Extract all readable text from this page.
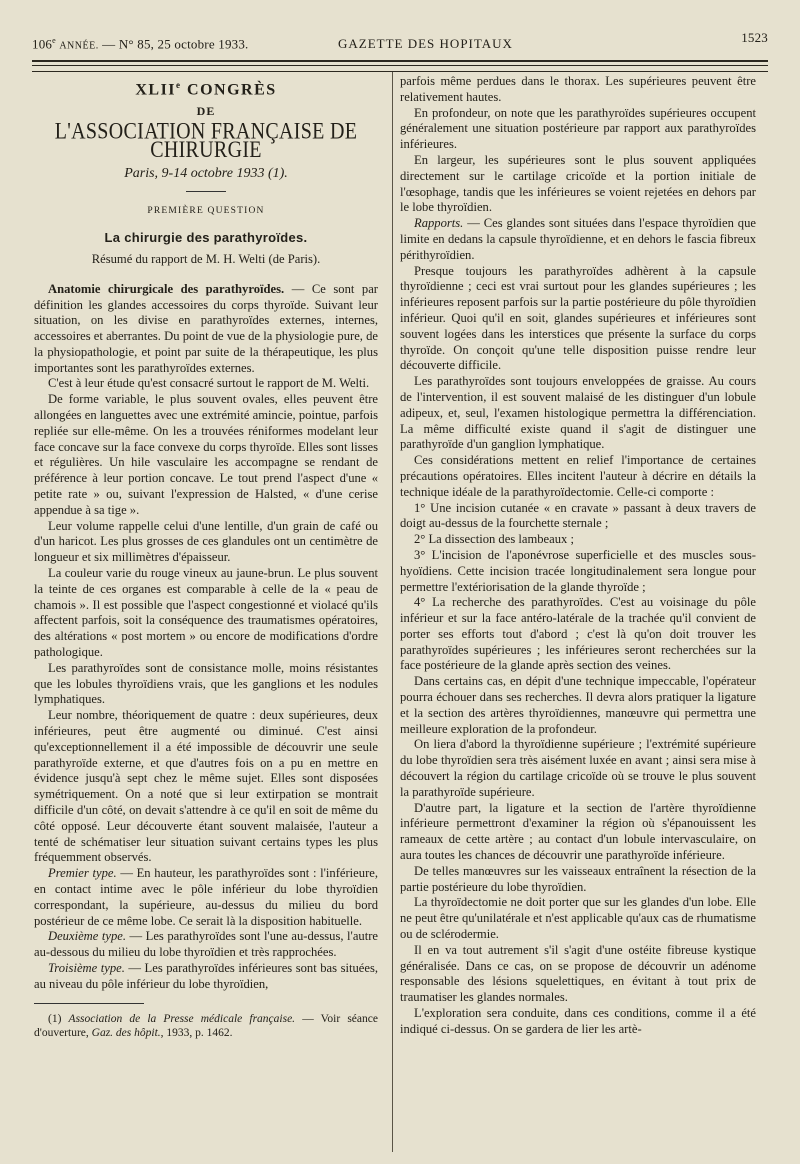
106e ANNÉE. — N° 85, 25 octobre 1933.	GAZETTE DES HOPITAUX	1523
XLIIe CONGRÈS
DE
L'ASSOCIATION FRANÇAISE DE CHIRURGIE
Paris, 9-14 octobre 1933 (1).
PREMIÈRE QUESTION
La chirurgie des parathyroïdes.
Résumé du rapport de M. H. Welti (de Paris).

Anatomie chirurgicale des parathyroïdes. — Ce sont par définition les glandes accessoires du corps thyroïde. Suivant leur situation, on les divise en parathyroïdes externes, internes, accessoires et aberrantes. Du point de vue de la physiologie pure, de la physiopathologie, et point par suite de la thérapeutique, les plus importantes sont les parathyroïdes externes.

C'est à leur étude qu'est consacré surtout le rapport de M. Welti.

De forme variable, le plus souvent ovales, elles peuvent être allongées en languettes avec une extrémité amincie, pointue, parfois repliée sur elle-même. On les a trouvées réniformes modelant leur face concave sur la face convexe du corps thyroïde. Elles sont lisses et régulières. Un hile vasculaire les accompagne se rendant de préférence à leur portion concave. Le tout prend l'aspect d'une « petite rate » ou, suivant l'expression de Halsted, « d'une cerise appendue à sa tige ».

Leur volume rappelle celui d'une lentille, d'un grain de café ou d'un haricot. Les plus grosses de ces glandules ont un centimètre de longueur et six millimètres d'épaisseur.

La couleur varie du rouge vineux au jaune-brun. Le plus souvent la teinte de ces organes est comparable à celle de la « peau de chamois ». Il est possible que l'aspect congestionné et violacé qu'ils affectent parfois, soit la conséquence des traumatismes opératoires, des altérations « post mortem » ou encore de modifications d'ordre pathologique.

Les parathyroïdes sont de consistance molle, moins résistantes que les lobules thyroïdiens vrais, que les ganglions et les nodules lymphatiques.

Leur nombre, théoriquement de quatre : deux supérieures, deux inférieures, peut être augmenté ou diminué. C'est ainsi qu'exceptionnellement il a été impossible de découvrir une seule parathyroïde externe, et que d'autres fois on a pu en mettre en évidence jusqu'à sept chez le même sujet. Elles sont disposées symétriquement. On a noté que si leur extirpation se montrait difficile d'un côté, on devait s'attendre à ce qu'il en soit de même du côté opposé. Leur découverte étant souvent malaisée, l'auteur a tenté de schématiser leur situation suivant certains types les plus fréquemment observés.

Premier type. — En hauteur, les parathyroïdes sont : l'inférieure, en contact intime avec le pôle inférieur du lobe thyroïdien correspondant, la supérieure, au-dessus du milieu du bord postérieur de ce même lobe. Ce serait là la disposition habituelle.

Deuxième type. — Les parathyroïdes sont l'une au-dessus, l'autre au-dessous du milieu du lobe thyroïdien et très rapprochées.

Troisième type. — Les parathyroïdes inférieures sont bas situées, au niveau du pôle inférieur du lobe thyroïdien,

(1) Association de la Presse médicale française. — Voir séance d'ouverture, Gaz. des hôpit., 1933, p. 1462.

parfois même perdues dans le thorax. Les supérieures peuvent être relativement hautes.

En profondeur, on note que les parathyroïdes supérieures occupent généralement une situation postérieure par rapport aux parathyroïdes inférieures.

En largeur, les supérieures sont le plus souvent appliquées directement sur le cartilage cricoïde et la portion initiale de l'œsophage, tandis que les inférieures se voient rejetées en dehors par le lobe thyroïdien.

Rapports. — Ces glandes sont situées dans l'espace thyroïdien que limite en dedans la capsule thyroïdienne, et en dehors le fascia fibreux périthyroïdien.

Presque toujours les parathyroïdes adhèrent à la capsule thyroïdienne ; ceci est vrai surtout pour les glandes supérieures ; les inférieures reposent parfois sur la partie postérieure du pôle thyroïdien inférieur. Quoi qu'il en soit, glandes supérieures et inférieures sont souvent logées dans les interstices que présente la surface du corps thyroïde. On conçoit qu'une telle disposition puisse rendre leur découverte difficile.

Les parathyroïdes sont toujours enveloppées de graisse. Au cours de l'intervention, il est souvent malaisé de les distinguer d'un lobule adipeux, et, seul, l'examen histologique permettra la différenciation. La même difficulté existe quand il s'agit de distinguer une parathyroïde d'un ganglion lymphatique.

Ces considérations mettent en relief l'importance de certaines précautions opératoires. Elles incitent l'auteur à décrire en détails la technique idéale de la parathyroïdectomie. Celle-ci comporte :

1° Une incision cutanée « en cravate » passant à deux travers de doigt au-dessus de la fourchette sternale ;

2° La dissection des lambeaux ;

3° L'incision de l'aponévrose superficielle et des muscles sous-hyoïdiens. Cette incision tracée longitudinalement sera longue pour permettre l'extériorisation de la glande thyroïde ;

4° La recherche des parathyroïdes. C'est au voisinage du pôle inférieur et sur la face antéro-latérale de la trachée qu'il convient de porter ses efforts tout d'abord ; c'est là qu'on doit trouver les parathyroïdes supérieures ; les inférieures seront recherchées sur la face postérieure de la glande après section des veines.

Dans certains cas, en dépit d'une technique impeccable, l'opérateur pourra échouer dans ses recherches. Il devra alors pratiquer la ligature et la section des artères thyroïdiennes, manœuvre qui permettra une meilleure exploration de la profondeur.

On liera d'abord la thyroïdienne supérieure ; l'extrémité supérieure du lobe thyroïdien sera très aisément luxée en avant ; ainsi sera mise à découvert la région du cartilage cricoïde où se trouve le plus souvent la parathyroïde supérieure.

D'autre part, la ligature et la section de l'artère thyroïdienne inférieure permettront d'examiner la région où s'épanouissent les rameaux de cette artère ; au contact d'un lobule intervasculaire, on aura toutes les chances de découvrir une parathyroïde inférieure.

De telles manœuvres sur les vaisseaux entraînent la résection de la partie postérieure du lobe thyroïdien.

La thyroïdectomie ne doit porter que sur les glandes d'un lobe. Elle ne peut être qu'unilatérale et n'est applicable qu'aux cas de rhumatisme ou de sclérodermie.

Il en va tout autrement s'il s'agit d'une ostéite fibreuse kystique généralisée. Dans ce cas, on se propose de découvrir un adénome responsable des lésions squelettiques, en évitant à tout prix de traumatiser les glandes normales.

L'exploration sera conduite, dans ces conditions, comme il a été indiqué ci-dessus. On se gardera de lier les artè-
